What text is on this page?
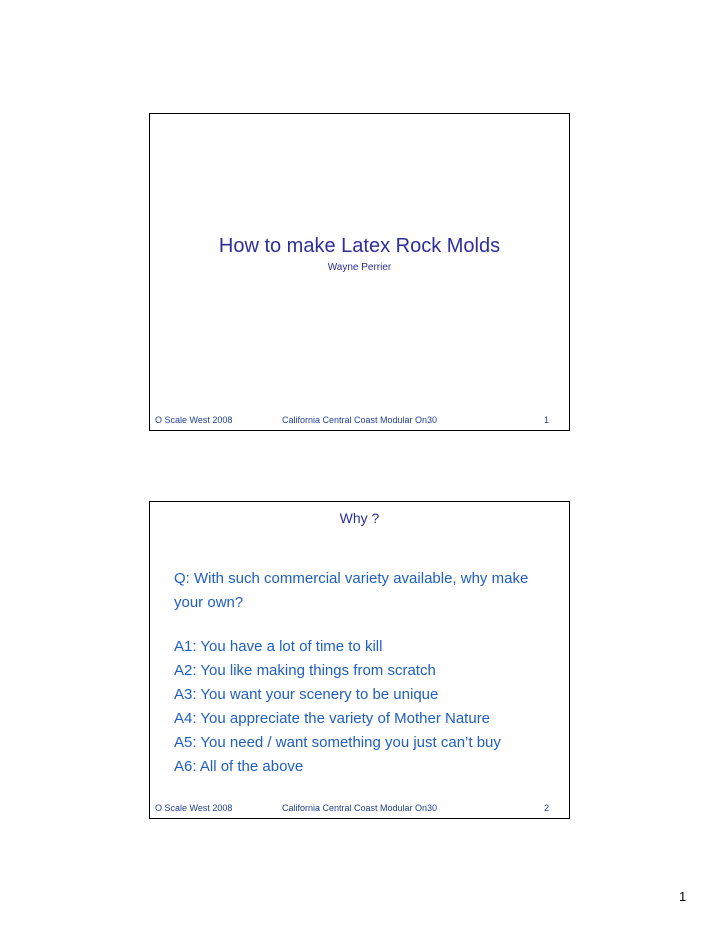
How to make Latex Rock Molds
Wayne Perrier
O Scale West 2008	California Central Coast Modular On30	1
Why ?

Q: With such commercial variety available, why make your own?

A1: You have a lot of time to kill
A2: You like making things from scratch
A3: You want your scenery to be unique
A4: You appreciate the variety of Mother Nature
A5: You need / want something you just can’t buy
A6: All of the above
O Scale West 2008	California Central Coast Modular On30	2
1
